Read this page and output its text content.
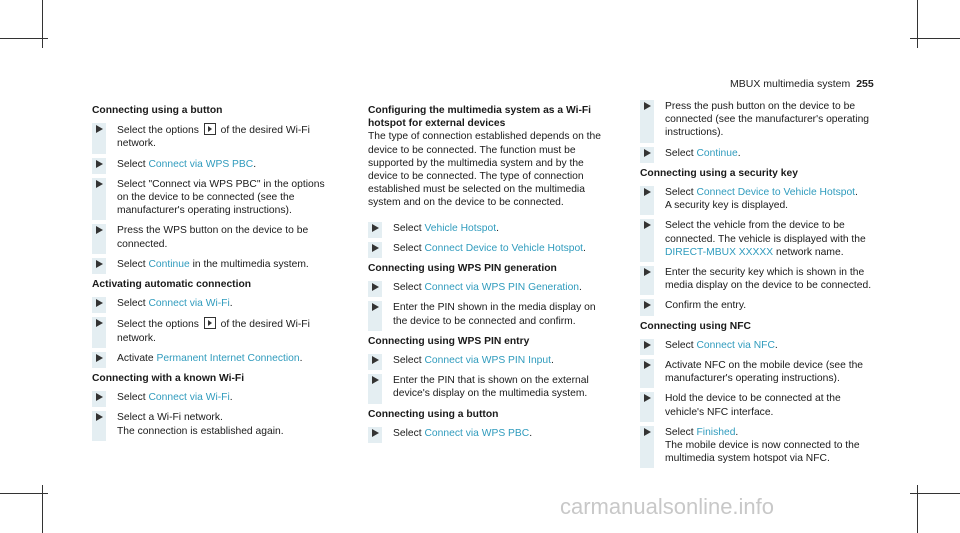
MBUX multimedia system 255
Connecting using a button
Select the options of the desired Wi-Fi network.
Select Connect via WPS PBC.
Select "Connect via WPS PBC" in the options on the device to be connected (see the manufacturer's operating instructions).
Press the WPS button on the device to be connected.
Select Continue in the multimedia system.
Activating automatic connection
Select Connect via Wi-Fi.
Select the options of the desired Wi-Fi network.
Activate Permanent Internet Connection.
Connecting with a known Wi-Fi
Select Connect via Wi-Fi.
Select a Wi-Fi network.
The connection is established again.
Configuring the multimedia system as a Wi-Fi hotspot for external devices
The type of connection established depends on the device to be connected. The function must be supported by the multimedia system and by the device to be connected. The type of connection established must be selected on the multimedia system and on the device to be connected.
Select Vehicle Hotspot.
Select Connect Device to Vehicle Hotspot.
Connecting using WPS PIN generation
Select Connect via WPS PIN Generation.
Enter the PIN shown in the media display on the device to be connected and confirm.
Connecting using WPS PIN entry
Select Connect via WPS PIN Input.
Enter the PIN that is shown on the external device's display on the multimedia system.
Connecting using a button
Select Connect via WPS PBC.
Press the push button on the device to be connected (see the manufacturer's operating instructions).
Select Continue.
Connecting using a security key
Select Connect Device to Vehicle Hotspot.
A security key is displayed.
Select the vehicle from the device to be connected. The vehicle is displayed with the DIRECT-MBUX XXXXX network name.
Enter the security key which is shown in the media display on the device to be connected.
Confirm the entry.
Connecting using NFC
Select Connect via NFC.
Activate NFC on the mobile device (see the manufacturer's operating instructions).
Hold the device to be connected at the vehicle's NFC interface.
Select Finished.
The mobile device is now connected to the multimedia system hotspot via NFC.
carmanualsonline.info
